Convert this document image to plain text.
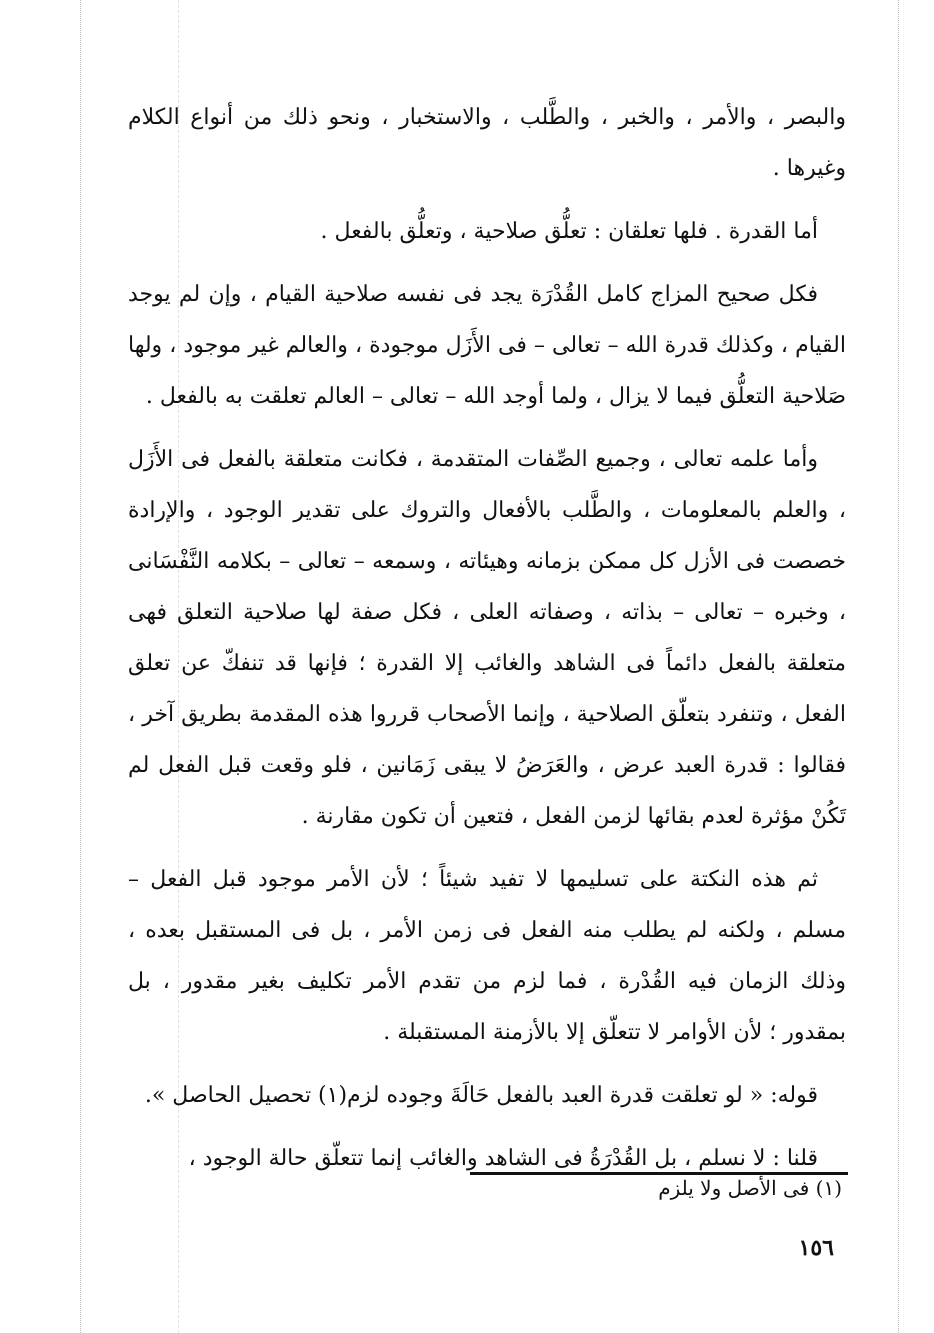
والبصر ، والأمر ، والخبر ، والطَّلب ، والاستخبار ، ونحو ذلك من أنواع الكلام وغيرها .

أما القدرة . فلها تعلقان : تعلُّق صلاحية ، وتعلُّق بالفعل .

فكل صحيح المزاج كامل القُدْرَة يجد فى نفسه صلاحية القيام ، وإن لم يوجد القيام ، وكذلك قدرة الله – تعالى – فى الأَزَل موجودة ، والعالم غير موجود ، ولها صَلاحية التعلُّق فيما لا يزال ، ولما أوجد الله – تعالى – العالم تعلقت به بالفعل .

وأما علمه تعالى ، وجميع الصِّفات المتقدمة ، فكانت متعلقة بالفعل فى الأَزَل ، والعلم بالمعلومات ، والطَّلب بالأفعال والتروك على تقدير الوجود ، والإرادة خصصت فى الأزل كل ممكن بزمانه وهيئاته ، وسمعه – تعالى – بكلامه النَّفْسَانى ، وخبره – تعالى – بذاته ، وصفاته العلى ، فكل صفة لها صلاحية التعلق فهى متعلقة بالفعل دائماً فى الشاهد والغائب إلا القدرة ؛ فإنها قد تنفكّ عن تعلق الفعل ، وتنفرد بتعلّق الصلاحية ، وإنما الأصحاب قرروا هذه المقدمة بطريق آخر ، فقالوا : قدرة العبد عرض ، والعَرَضُ لا يبقى زَمَانين ، فلو وقعت قبل الفعل لم تَكُنْ مؤثرة لعدم بقائها لزمن الفعل ، فتعين أن تكون مقارنة .

ثم هذه النكتة على تسليمها لا تفيد شيئاً ؛ لأن الأمر موجود قبل الفعل – مسلم ، ولكنه لم يطلب منه الفعل فى زمن الأمر ، بل فى المستقبل بعده ، وذلك الزمان فيه القُدْرة ، فما لزم من تقدم الأمر تكليف بغير مقدور ، بل بمقدور ؛ لأن الأوامر لا تتعلّق إلا بالأزمنة المستقبلة .

قوله: « لو تعلقت قدرة العبد بالفعل حَالَةَ وجوده لزم(١) تحصيل الحاصل ».

قلنا : لا نسلم ، بل القُدْرَةُ فى الشاهد والغائب إنما تتعلّق حالة الوجود ،

(١) فى الأصل ولا يلزم
١٥٦
